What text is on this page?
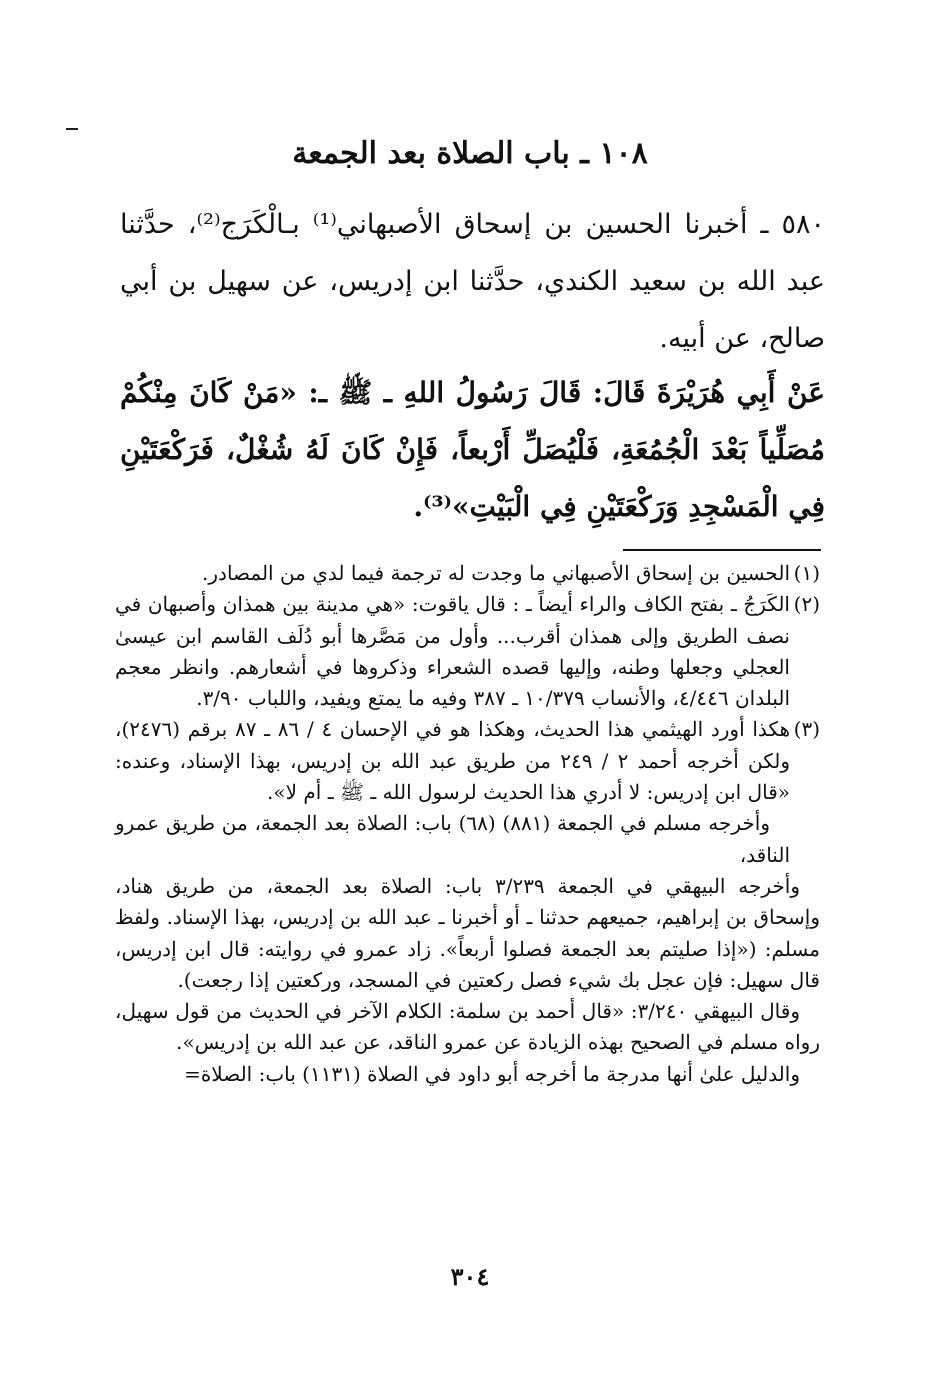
١٠٨ ـ باب الصلاة بعد الجمعة
٥٨٠ ـ أخبرنا الحسين بن إسحاق الأصبهاني⁽¹⁾ بـالْكَرَج⁽²⁾، حدَّثنا عبد الله بن سعيد الكندي، حدَّثنا ابن إدريس، عن سهيل بن أبي صالح، عن أبيه.
عَنْ أَبِي هُرَيْرَةَ قَالَ: قَالَ رَسُولُ اللهِ ـ ﷺ ـ: «مَنْ كَانَ مِنْكُمْ مُصَلِّياً بَعْدَ الْجُمُعَةِ، فَلْيُصَلِّ أَرْبعاً، فَإِنْ كَانَ لَهُ شُغْلٌ، فَرَكْعَتَيْنِ فِي الْمَسْجِدِ وَرَكْعَتَيْنِ فِي الْبَيْتِ»⁽³⁾.
(١)
الحسين بن إسحاق الأصبهاني ما وجدت له ترجمة فيما لدي من المصادر.
(٢)
الكَرَجُ ـ بفتح الكاف والراء أيضاً ـ : قال ياقوت: «هي مدينة بين همذان وأصبهان في نصف الطريق وإلى همذان أقرب... وأول من مَصَّرها أبو دُلَف القاسم ابن عيسىٰ العجلي وجعلها وطنه، وإليها قصده الشعراء وذكروها في أشعارهم. وانظر معجم البلدان ٤/٤٤٦، والأنساب ١٠/٣٧٩ ـ ٣٨٧ وفيه ما يمتع ويفيد، واللباب ٣/٩٠.
(٣)
هكذا أورد الهيثمي هذا الحديث، وهكذا هو في الإحسان ٤ / ٨٦ ـ ٨٧ برقم (٢٤٧٦)، ولكن أخرجه أحمد ٢ / ٢٤٩ من طريق عبد الله بن إدريس، بهذا الإسناد، وعنده: «قال ابن إدريس: لا أدري هذا الحديث لرسول الله ـ ﷺ ـ أم لا».
وأخرجه مسلم في الجمعة (٨٨١) (٦٨) باب: الصلاة بعد الجمعة، من طريق عمرو الناقد،
وأخرجه البيهقي في الجمعة ٣/٢٣٩ باب: الصلاة بعد الجمعة، من طريق هناد، وإسحاق بن إبراهيم، جميعهم حدثنا ـ أو أخبرنا ـ عبد الله بن إدريس، بهذا الإسناد. ولفظ مسلم: («إذا صليتم بعد الجمعة فصلوا أربعاً». زاد عمرو في روايته: قال ابن إدريس، قال سهيل: فإن عجل بك شيء فصل ركعتين في المسجد، وركعتين إذا رجعت).
وقال البيهقي ٣/٢٤٠: «قال أحمد بن سلمة: الكلام الآخر في الحديث من قول سهيل، رواه مسلم في الصحيح بهذه الزيادة عن عمرو الناقد، عن عبد الله بن إدريس».
والدليل علىٰ أنها مدرجة ما أخرجه أبو داود في الصلاة (١١٣١) باب: الصلاة=
٣٠٤
